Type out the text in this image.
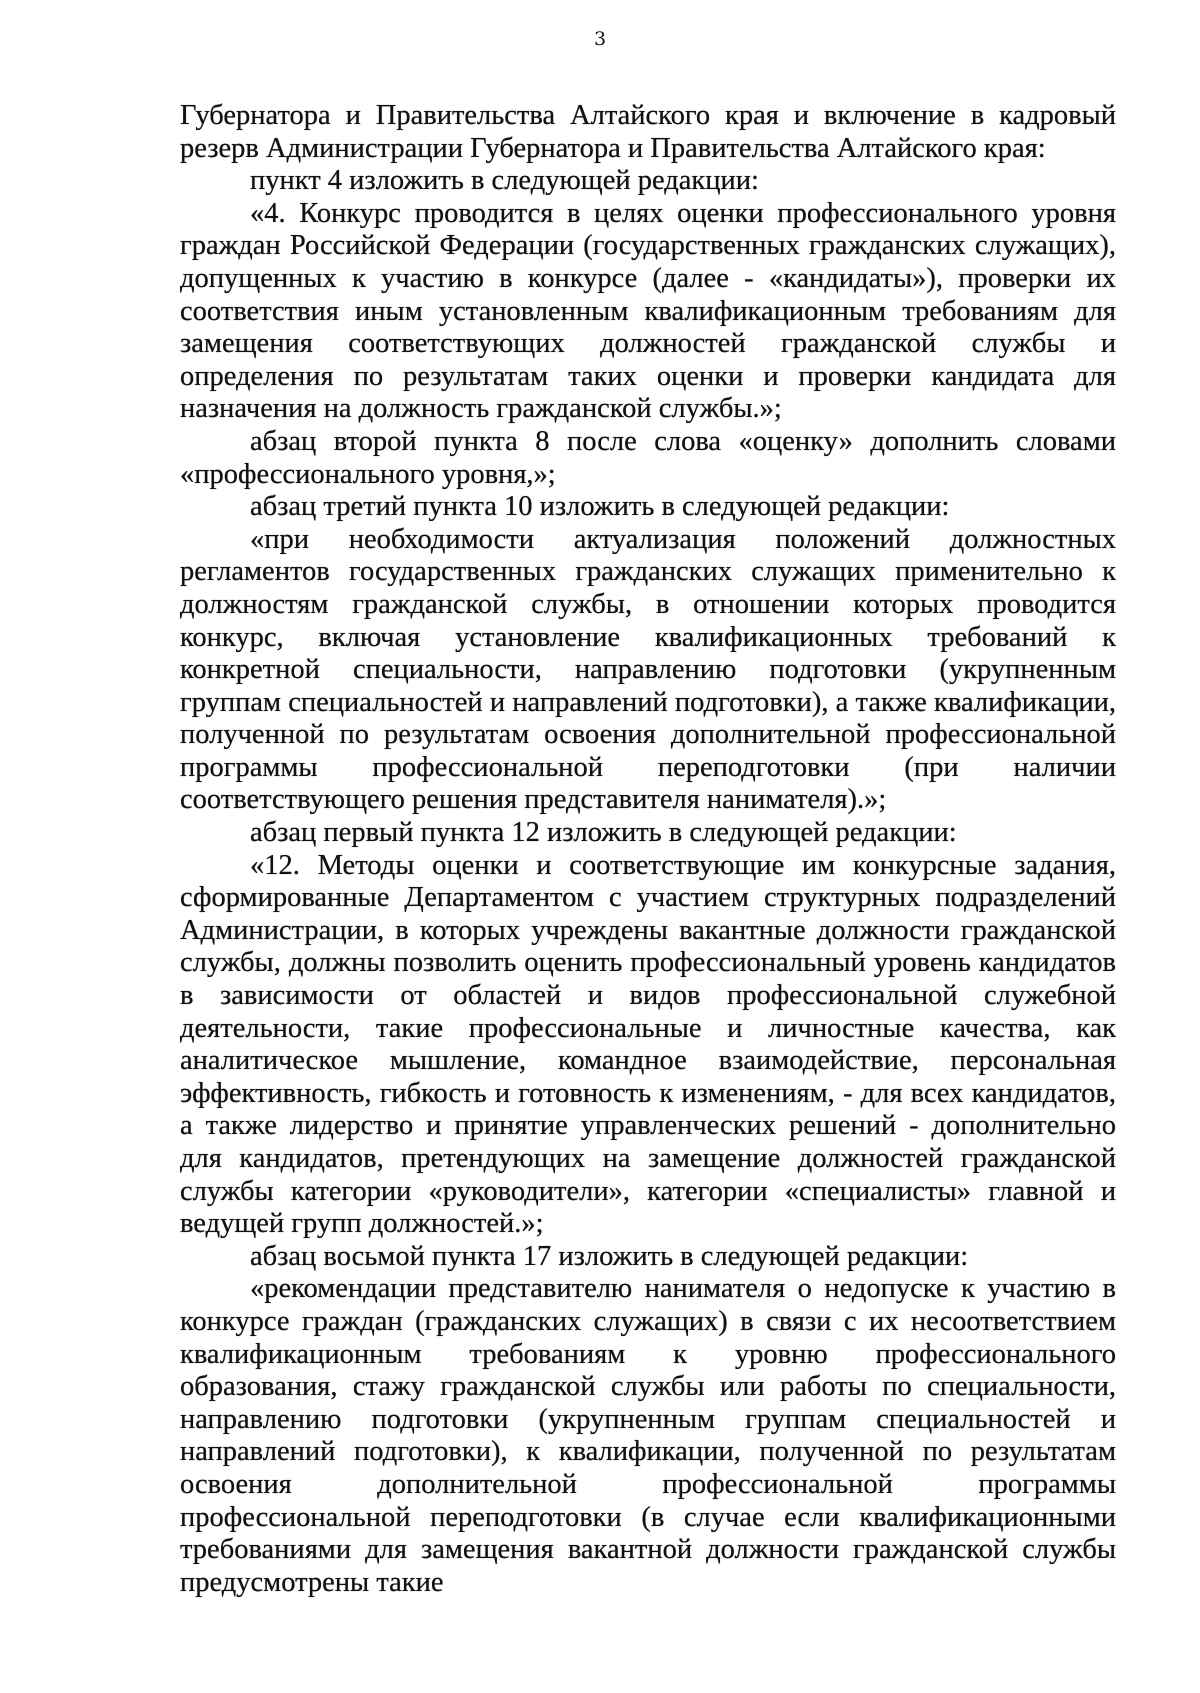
3

Губернатора и Правительства Алтайского края и включение в кадровый резерв Администрации Губернатора и Правительства Алтайского края:

пункт 4 изложить в следующей редакции:

«4. Конкурс проводится в целях оценки профессионального уровня граждан Российской Федерации (государственных гражданских служащих), допущенных к участию в конкурсе (далее - «кандидаты»), проверки их соответствия иным установленным квалификационным требованиям для замещения соответствующих должностей гражданской службы и определения по результатам таких оценки и проверки кандидата для назначения на должность гражданской службы.»;

абзац второй пункта 8 после слова «оценку» дополнить словами «профессионального уровня,»;

абзац третий пункта 10 изложить в следующей редакции:

«при необходимости актуализация положений должностных регламентов государственных гражданских служащих применительно к должностям гражданской службы, в отношении которых проводится конкурс, включая установление квалификационных требований к конкретной специальности, направлению подготовки (укрупненным группам специальностей и направлений подготовки), а также квалификации, полученной по результатам освоения дополнительной профессиональной программы профессиональной переподготовки (при наличии соответствующего решения представителя нанимателя).»;

абзац первый пункта 12 изложить в следующей редакции:

«12. Методы оценки и соответствующие им конкурсные задания, сформированные Департаментом с участием структурных подразделений Администрации, в которых учреждены вакантные должности гражданской службы, должны позволить оценить профессиональный уровень кандидатов в зависимости от областей и видов профессиональной служебной деятельности, такие профессиональные и личностные качества, как аналитическое мышление, командное взаимодействие, персональная эффективность, гибкость и готовность к изменениям, - для всех кандидатов, а также лидерство и принятие управленческих решений - дополнительно для кандидатов, претендующих на замещение должностей гражданской службы категории «руководители», категории «специалисты» главной и ведущей групп должностей.»;

абзац восьмой пункта 17 изложить в следующей редакции:

«рекомендации представителю нанимателя о недопуске к участию в конкурсе граждан (гражданских служащих) в связи с их несоответствием квалификационным требованиям к уровню профессионального образования, стажу гражданской службы или работы по специальности, направлению подготовки (укрупненным группам специальностей и направлений подготовки), к квалификации, полученной по результатам освоения дополнительной профессиональной программы профессиональной переподготовки (в случае если квалификационными требованиями для замещения вакантной должности гражданской службы предусмотрены такие
